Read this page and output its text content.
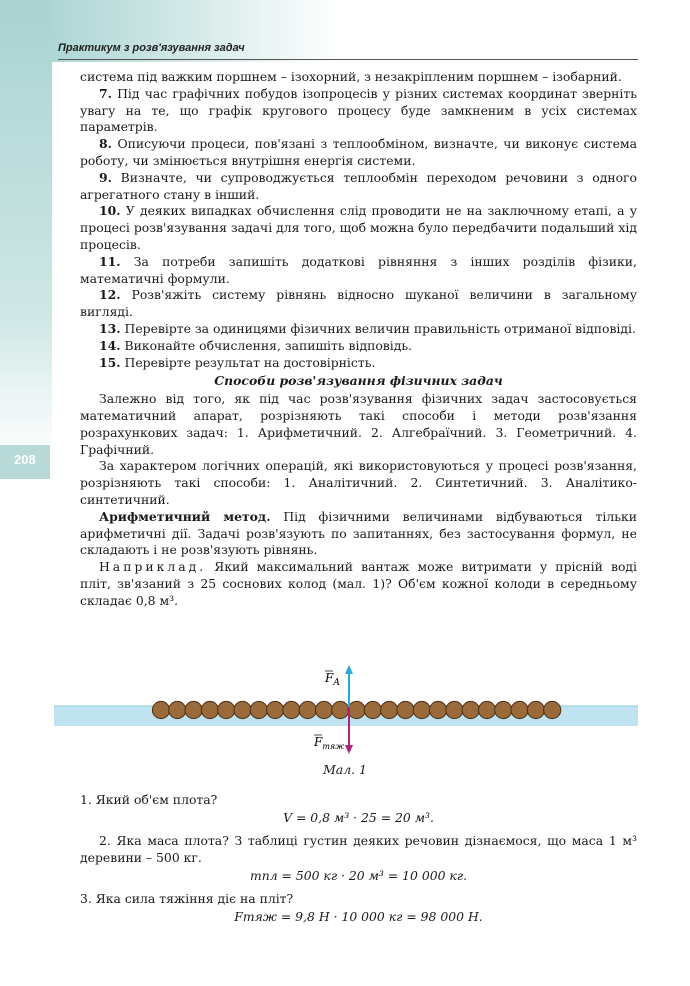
Практикум з розв'язування задач
208

система під важким поршнем – ізохорний, з незакріпленим поршнем – ізобарний.

7. Під час графічних побудов ізопроцесів у різних системах координат зверніть увагу на те, що графік кругового процесу буде замкненим в усіх системах параметрів.

8. Описуючи процеси, пов'язані з теплообміном, визначте, чи виконує система роботу, чи змінюється внутрішня енергія системи.

9. Визначте, чи супроводжується теплообмін переходом речовини з одного агрегатного стану в інший.

10. У деяких випадках обчислення слід проводити не на заключному етапі, а у процесі розв'язування задачі для того, щоб можна було передбачити подальший хід процесів.

11. За потреби запишіть додаткові рівняння з інших розділів фізики, математичні формули.

12. Розв'яжіть систему рівнянь відносно шуканої величини в загальному вигляді.

13. Перевірте за одиницями фізичних величин правильність отриманої відповіді.

14. Виконайте обчислення, запишіть відповідь.

15. Перевірте результат на достовірність.

Способи розв'язування фізичних задач

Залежно від того, як під час розв'язування фізичних задач застосовується математичний апарат, розрізняють такі способи і методи розв'язання розрахункових задач: 1. Арифметичний. 2. Алгебраїчний. 3. Геометричний. 4. Графічний.

За характером логічних операцій, які використовуються у процесі розв'язання, розрізняють такі способи: 1. Аналітичний. 2. Синтетичний. 3. Аналітико-синтетичний.

Арифметичний метод. Під фізичними величинами відбуваються тільки арифметичні дії. Задачі розв'язують по запитаннях, без застосування формул, не складають і не розв'язують рівнянь.

Наприклад. Який максимальний вантаж може витримати у прісній воді пліт, зв'язаний з 25 соснових колод (мал. 1)? Об'єм кожної колоди в середньому складає 0,8 м³.

$F_A$
$F_{тяж}$
Мал. 1

1. Який об'єм плота?

V = 0,8 м³ · 25 = 20 м³.

2. Яка маса плота? З таблиці густин деяких речовин дізнаємося, що маса 1 м³ деревини – 500 кг.

mпл = 500 кг · 20 м³ = 10 000 кг.

3. Яка сила тяжіння діє на пліт?

Fтяж = 9,8 Н · 10 000 кг = 98 000 Н.
